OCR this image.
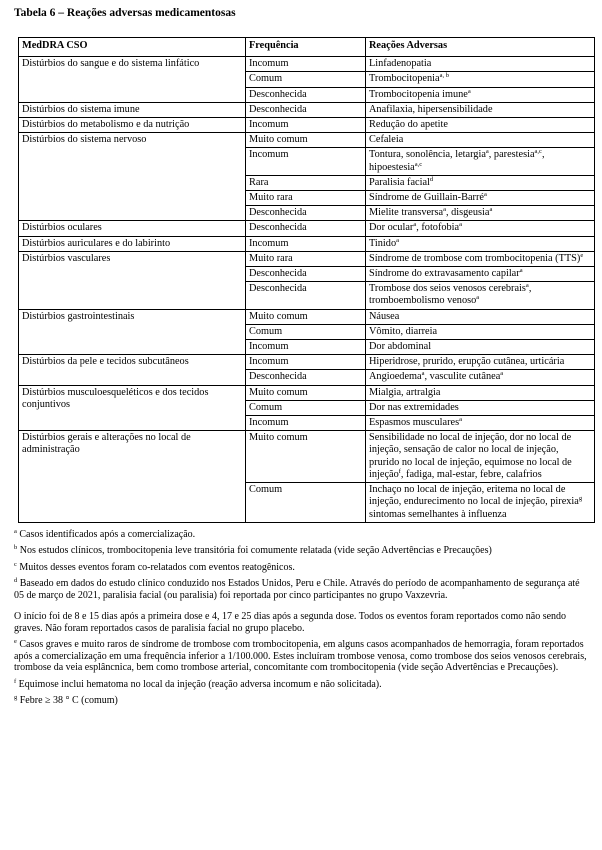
Tabela 6 – Reações adversas medicamentosas
MedDRA CSO	Frequência	Reações Adversas
Distúrbios do sangue e do sistema linfático	Incomum	Linfadenopatia
	Comum	Trombocitopenia$^{a, b}$
	Desconhecida	Trombocitopenia imune$^a$
Distúrbios do sistema imune	Desconhecida	Anafilaxia, hipersensibilidade
Distúrbios do metabolismo e da nutrição	Incomum	Redução do apetite
Distúrbios do sistema nervoso	Muito comum	Cefaleia
	Incomum	Tontura, sonolência, letargia$^a$, parestesia$^{a,c}$, hipoestesia$^{a,c}$
	Rara	Paralisia facial$^d$
	Muito rara	Síndrome de Guillain-Barré$^a$
	Desconhecida	Mielite transversa$^a$, disgeusia$^a$
Distúrbios oculares	Desconhecida	Dor ocular$^a$, fotofobia$^a$
Distúrbios auriculares e do labirinto	Incomum	Tinido$^a$
Distúrbios vasculares	Muito rara	Síndrome de trombose com trombocitopenia (TTS)$^e$
	Desconhecida	Síndrome do extravasamento capilar$^a$
	Desconhecida	Trombose dos seios venosos cerebrais$^a$, tromboembolismo venoso$^a$
Distúrbios gastrointestinais	Muito comum	Náusea
	Comum	Vômito, diarreia
	Incomum	Dor abdominal
Distúrbios da pele e tecidos subcutâneos	Incomum	Hiperidrose, prurido, erupção cutânea, urticária
	Desconhecida	Angioedema$^a$, vasculite cutânea$^a$
Distúrbios musculoesqueléticos e dos tecidos conjuntivos	Muito comum	Mialgia, artralgia
	Comum	Dor nas extremidades
	Incomum	Espasmos musculares$^a$
Distúrbios gerais e alterações no local de administração	Muito comum	Sensibilidade no local de injeção, dor no local de injeção, sensação de calor no local de injeção, prurido no local de injeção, equimose no local de injeção$^f$, fadiga, mal-estar, febre, calafrios
	Comum	Inchaço no local de injeção, eritema no local de injeção, endurecimento no local de injeção, pirexia$^g$ sintomas semelhantes à influenza

$^a$ Casos identificados após a comercialização.

$^b$ Nos estudos clínicos, trombocitopenia leve transitória foi comumente relatada (vide seção Advertências e Precauções)

$^c$ Muitos desses eventos foram co-relatados com eventos reatogênicos.

$^d$ Baseado em dados do estudo clínico conduzido nos Estados Unidos, Peru e Chile. Através do período de acompanhamento de segurança até 05 de março de 2021, paralisia facial (ou paralisia) foi reportada por cinco participantes no grupo Vaxzevria.

O início foi de 8 e 15 dias após a primeira dose e 4, 17 e 25 dias após a segunda dose. Todos os eventos foram reportados como não sendo graves. Não foram reportados casos de paralisia facial no grupo placebo.

$^e$ Casos graves e muito raros de síndrome de trombose com trombocitopenia, em alguns casos acompanhados de hemorragia, foram reportados após a comercialização em uma frequência inferior a 1/100.000. Estes incluíram trombose venosa, como trombose dos seios venosos cerebrais, trombose da veia esplâncnica, bem como trombose arterial, concomitante com trombocitopenia (vide seção Advertências e Precauções).

$^f$ Equimose inclui hematoma no local da injeção (reação adversa incomum e não solicitada).

$^g$ Febre ≥ 38 ° C (comum)
